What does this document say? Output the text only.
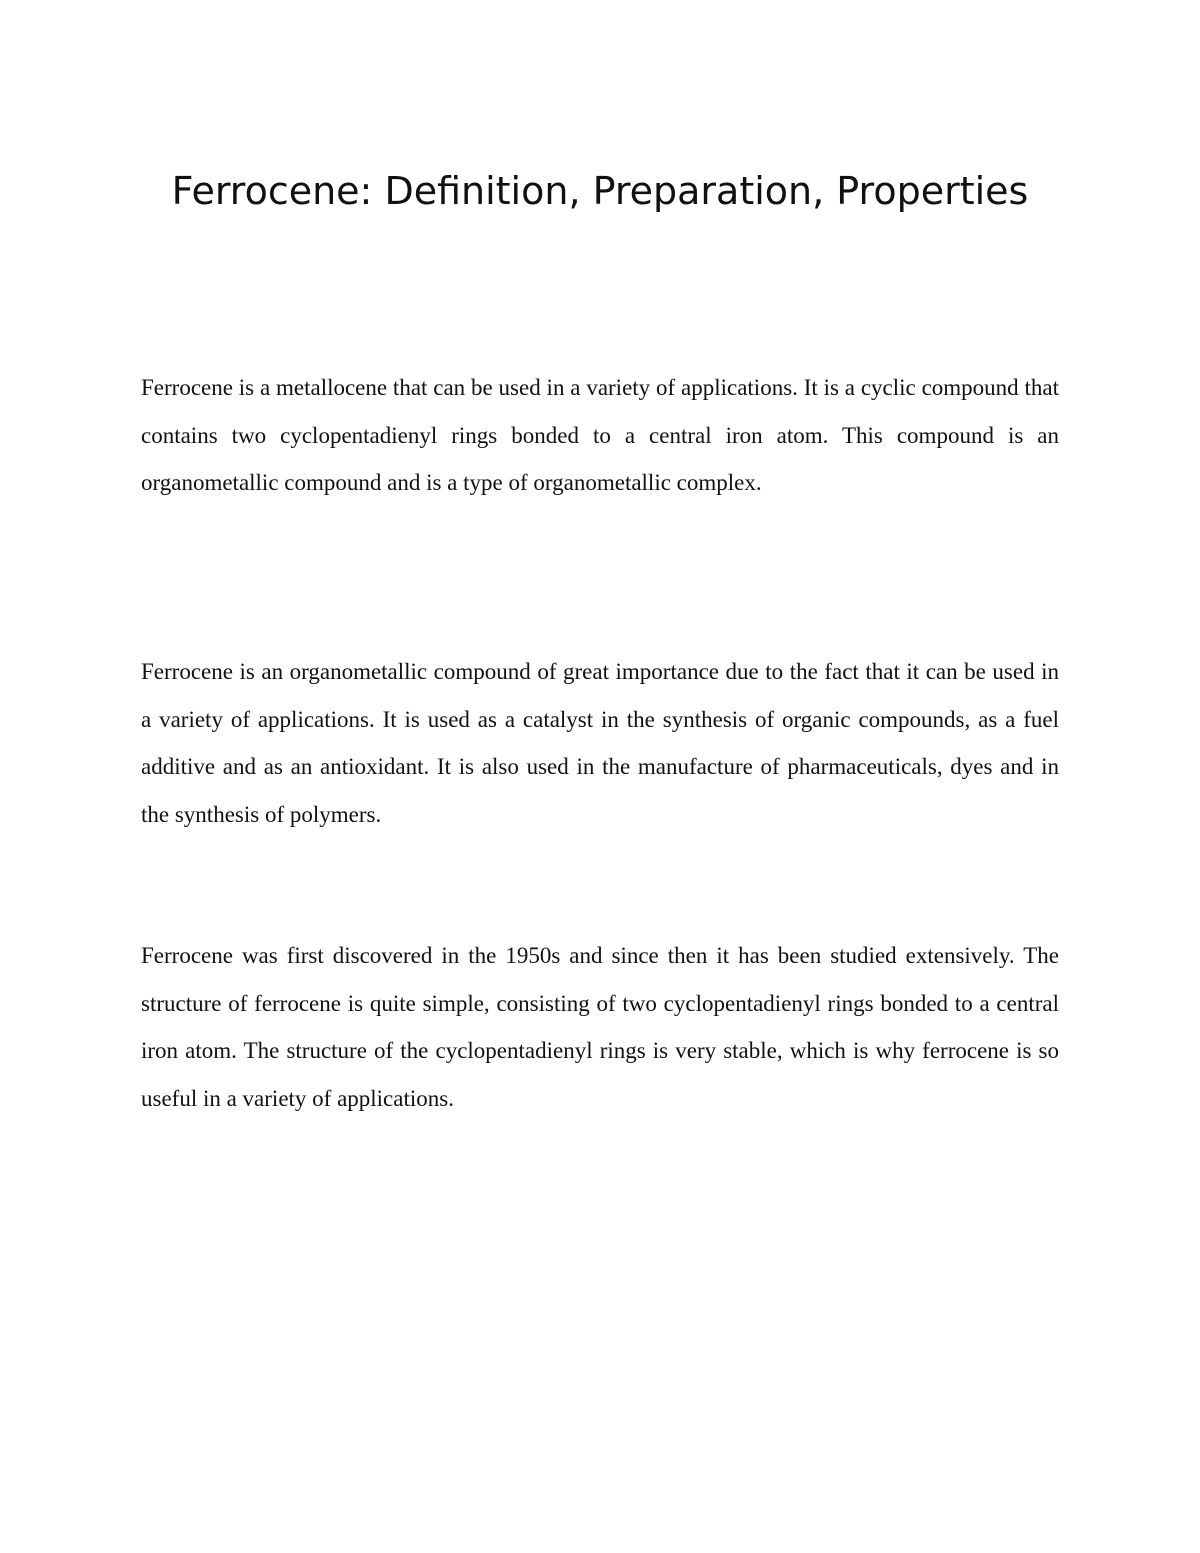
Ferrocene: Definition, Preparation, Properties

Ferrocene is a metallocene that can be used in a variety of applications. It is a cyclic compound that contains two cyclopentadienyl rings bonded to a central iron atom. This compound is an organometallic compound and is a type of organometallic complex.

Ferrocene is an organometallic compound of great importance due to the fact that it can be used in a variety of applications. It is used as a catalyst in the synthesis of organic compounds, as a fuel additive and as an antioxidant. It is also used in the manufacture of pharmaceuticals, dyes and in the synthesis of polymers.

Ferrocene was first discovered in the 1950s and since then it has been studied extensively. The structure of ferrocene is quite simple, consisting of two cyclopentadienyl rings bonded to a central iron atom. The structure of the cyclopentadienyl rings is very stable, which is why ferrocene is so useful in a variety of applications.
